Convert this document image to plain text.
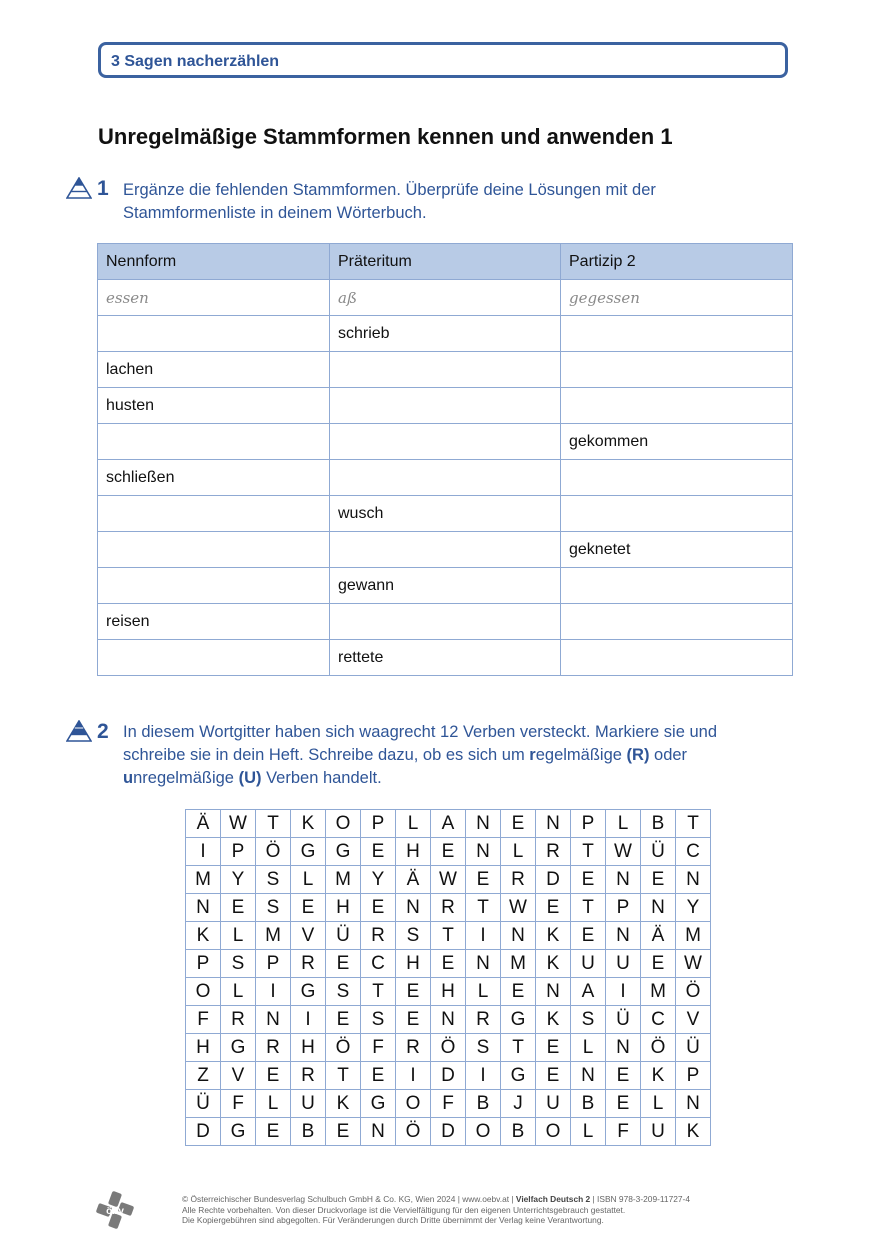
3 Sagen nacherzählen
Unregelmäßige Stammformen kennen und anwenden 1
1 Ergänze die fehlenden Stammformen. Überprüfe deine Lösungen mit der Stammformenliste in deinem Wörterbuch.
Nennform	Präteritum	Partizip 2
essen	aß	gegessen
	schrieb	
lachen		
husten		
		gekommen
schließen		
	wusch	
		geknetet
	gewann	
reisen		
	rettete	
2 In diesem Wortgitter haben sich waagrecht 12 Verben versteckt. Markiere sie und schreibe sie in dein Heft. Schreibe dazu, ob es sich um regelmäßige (R) oder unregelmäßige (U) Verben handelt.
Ä	W	T	K	O	P	L	A	N	E	N	P	L	B	T
I	P	Ö	G	G	E	H	E	N	L	R	T	W	Ü	C
M	Y	S	L	M	Y	Ä	W	E	R	D	E	N	E	N
N	E	S	E	H	E	N	R	T	W	E	T	P	N	Y
K	L	M	V	Ü	R	S	T	I	N	K	E	N	Ä	M
P	S	P	R	E	C	H	E	N	M	K	U	U	E	W
O	L	I	G	S	T	E	H	L	E	N	A	I	M	Ö
F	R	N	I	E	S	E	N	R	G	K	S	Ü	C	V
H	G	R	H	Ö	F	R	Ö	S	T	E	L	N	Ö	Ü
Z	V	E	R	T	E	I	D	I	G	E	N	E	K	P
Ü	F	L	U	K	G	O	F	B	J	U	B	E	L	N
D	G	E	B	E	N	Ö	D	O	B	O	L	F	U	K
öbv
© Österreichischer Bundesverlag Schulbuch GmbH & Co. KG, Wien 2024 | www.oebv.at | Vielfach Deutsch 2 | ISBN 978-3-209-11727-4
Alle Rechte vorbehalten. Von dieser Druckvorlage ist die Vervielfältigung für den eigenen Unterrichtsgebrauch gestattet.
Die Kopiergebühren sind abgegolten. Für Veränderungen durch Dritte übernimmt der Verlag keine Verantwortung.
